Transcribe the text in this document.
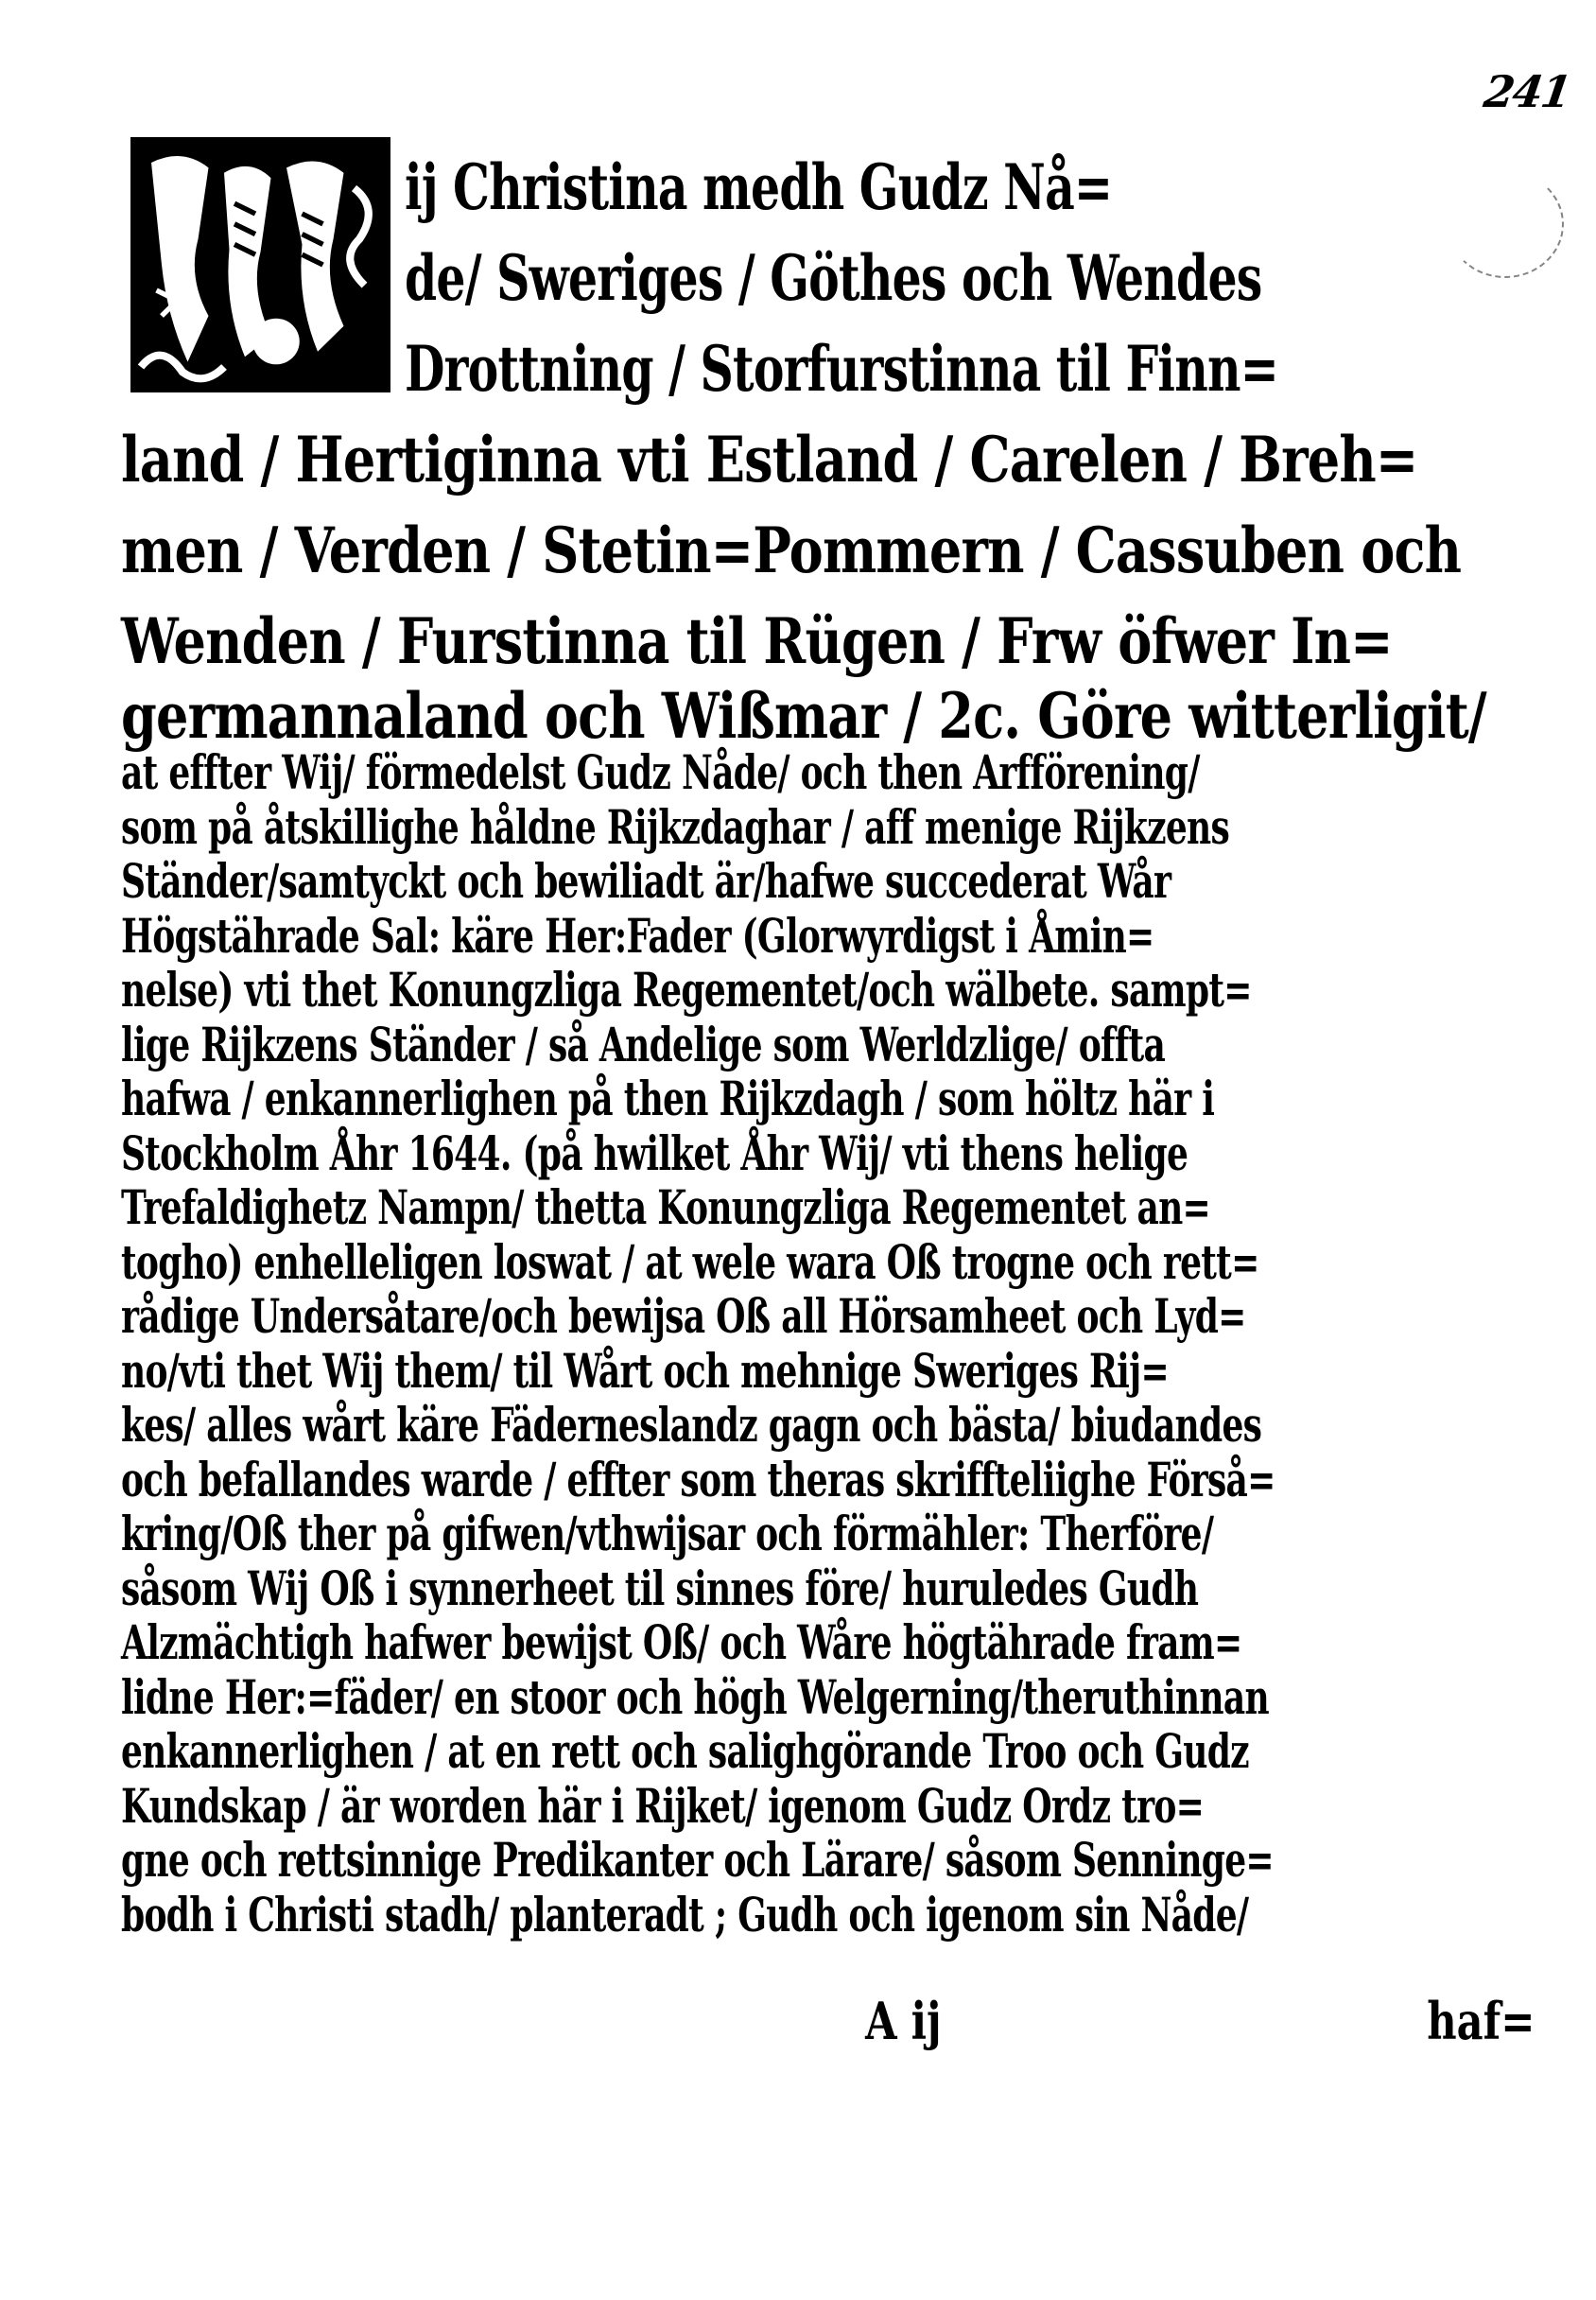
241
ij Christina medh Gudz Nå=
de/ Sweriges / Göthes och Wendes
Drottning / Storfurstinna til Finn=
land / Hertiginna vti Estland / Carelen / Breh=
men / Verden / Stetin=Pommern / Cassuben och
Wenden / Furstinna til Rügen / Frw öfwer In=
germannaland och Wißmar / 2c. Göre witterligit/
at effter Wij/ förmedelst Gudz Nåde/ och then Arfförening/
som på åtskillighe håldne Rijkzdaghar / aff menige Rijkzens
Ständer/samtyckt och bewiliadt är/hafwe succederat Wår
Högstährade Sal: käre Her:Fader (Glorwyrdigst i Åmin=
nelse) vti thet Konungzliga Regementet/och wälbete. sampt=
lige Rijkzens Ständer / så Andelige som Werldzlige/ offta
hafwa / enkannerlighen på then Rijkzdagh / som höltz här i
Stockholm Åhr 1644. (på hwilket Åhr Wij/ vti thens helige
Trefaldighetz Nampn/ thetta Konungzliga Regementet an=
togho) enhelleligen loswat / at wele wara Oß trogne och rett=
rådige Undersåtare/och bewijsa Oß all Hörsamheet och Lyd=
no/vti thet Wij them/ til Wårt och mehnige Sweriges Rij=
kes/ alles wårt käre Fäderneslandz gagn och bästa/ biudandes
och befallandes warde / effter som theras skriffteliighe Förså=
kring/Oß ther på gifwen/vthwijsar och förmähler: Therföre/
såsom Wij Oß i synnerheet til sinnes före/ huruledes Gudh
Alzmächtigh hafwer bewijst Oß/ och Wåre högtährade fram=
lidne Her:=fäder/ en stoor och högh Welgerning/theruthinnan
enkannerlighen / at en rett och salighgörande Troo och Gudz
Kundskap / är worden här i Rijket/ igenom Gudz Ordz tro=
gne och rettsinnige Predikanter och Lärare/ såsom Senninge=
bodh i Christi stadh/ planteradt ; Gudh och igenom sin Nåde/
A ij	haf=
